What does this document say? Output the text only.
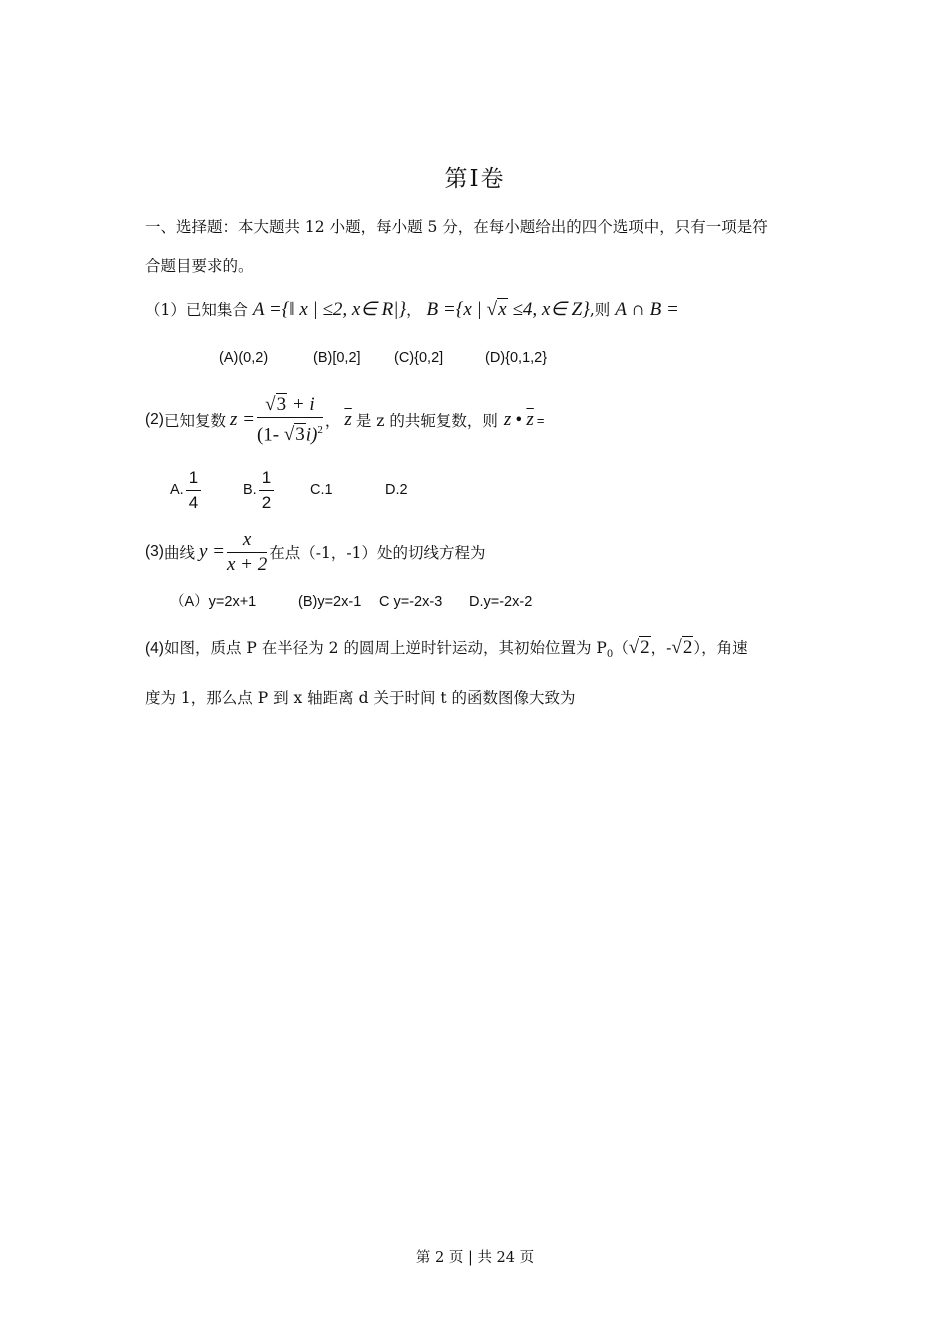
第Ⅰ卷
一、选择题：本大题共 12 小题，每小题 5 分，在每小题给出的四个选项中，只有一项是符
合题目要求的。
（1）已知集合 A ={‖ x | ≤2, x∈ R|}， B ={x | √x ≤4, x∈ Z},则 A ∩ B =
(A)(0,2)	(B)[0,2] (C){0,2]	(D){0,1,2}
(2) 已知复数 $z = \frac{√3 + i}{(1- √3i)^2}$ ， $\overline{z}$ 是 z 的共轭复数，则 z • $\overline{z}$ =
A. $\frac{1}{4}$	B. $\frac{1}{2} C.1$	D.2
(3) 曲线 $y = \frac{x}{x + 2}$ 在点（-1，-1）处的切线方程为
（A）y=2x+1	(B)y=2x-1 C y=-2x-3 D.y=-2x-2
(4)如图，质点 P 在半径为 2 的圆周上逆时针运动，其初始位置为 $P_0(√2$，-√2），角速
度为 1，那么点 P 到 x 轴距离 d 关于时间 t 的函数图像大致为
第 2 页 | 共 24 页
